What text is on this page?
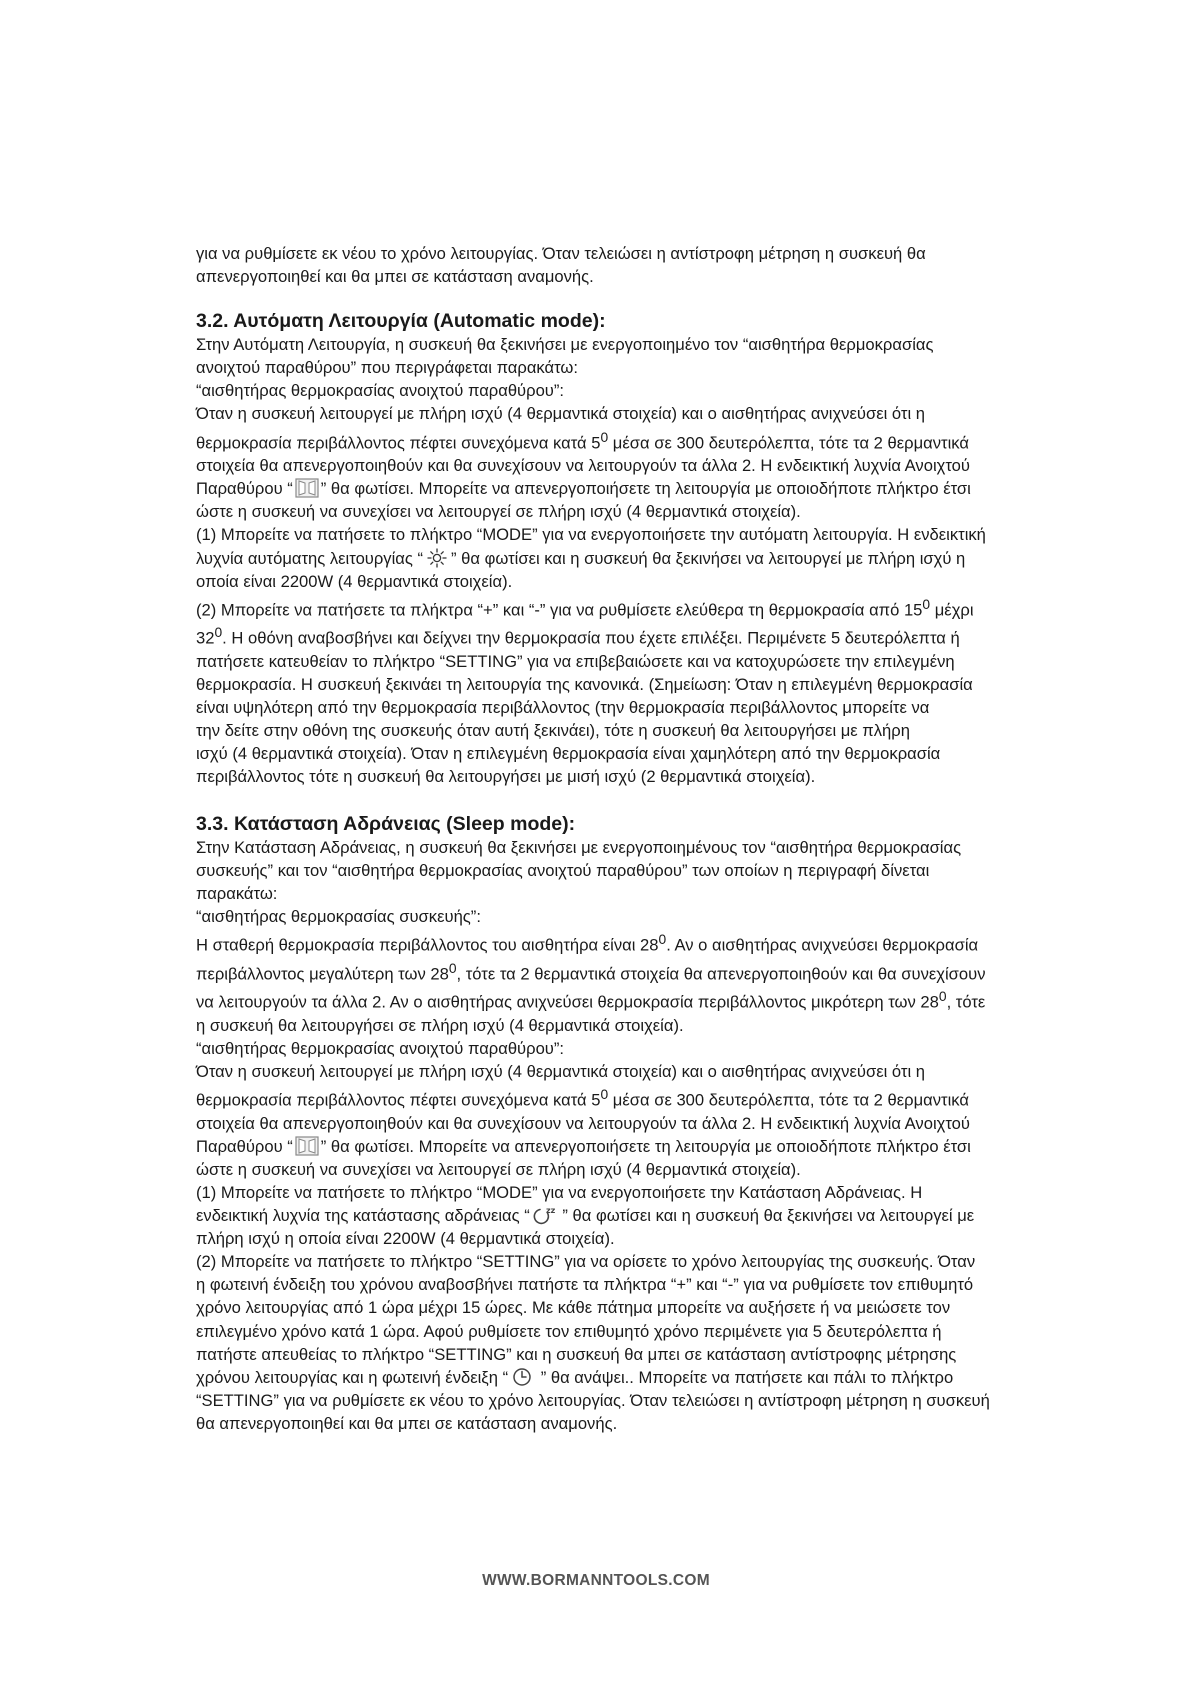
για να ρυθμίσετε εκ νέου το χρόνο λειτουργίας. Όταν τελειώσει η αντίστροφη μέτρηση η συσκευή θα

απενεργοποιηθεί και θα μπει σε κατάσταση αναμονής.

3.2. Αυτόματη Λειτουργία (Automatic mode):

Στην Αυτόματη Λειτουργία, η συσκευή θα ξεκινήσει με ενεργοποιημένο τον “αισθητήρα θερμοκρασίας

ανοιχτού παραθύρου” που περιγράφεται παρακάτω:

“αισθητήρας θερμοκρασίας ανοιχτού παραθύρου”:

Όταν η συσκευή λειτουργεί με πλήρη ισχύ (4 θερμαντικά στοιχεία) και ο αισθητήρας ανιχνεύσει ότι η

θερμοκρασία περιβάλλοντος πέφτει συνεχόμενα κατά $5^0$ μέσα σε 300 δευτερόλεπτα, τότε τα 2 θερμαντικά

στοιχεία θα απενεργοποιηθούν και θα συνεχίσουν να λειτουργούν τα άλλα 2. Η ενδεικτική λυχνία Ανοιχτού

Παραθύρου “ ” θα φωτίσει. Μπορείτε να απενεργοποιήσετε τη λειτουργία με οποιοδήποτε πλήκτρο έτσι

ώστε η συσκευή να συνεχίσει να λειτουργεί σε πλήρη ισχύ (4 θερμαντικά στοιχεία).

(1) Μπορείτε να πατήσετε το πλήκτρο “MODE” για να ενεργοποιήσετε την αυτόματη λειτουργία. Η ενδεικτική

λυχνία αυτόματης λειτουργίας “ ” θα φωτίσει και η συσκευή θα ξεκινήσει να λειτουργεί με πλήρη ισχύ η

οποία είναι 2200W (4 θερμαντικά στοιχεία).

(2) Μπορείτε να πατήσετε τα πλήκτρα “+” και “-” για να ρυθμίσετε ελεύθερα τη θερμοκρασία από $15^0$ μέχρι

$32^0$. Η οθόνη αναβοσβήνει και δείχνει την θερμοκρασία που έχετε επιλέξει. Περιμένετε 5 δευτερόλεπτα ή

πατήσετε κατευθείαν το πλήκτρο “SETTING” για να επιβεβαιώσετε και να κατοχυρώσετε την επιλεγμένη

θερμοκρασία. Η συσκευή ξεκινάει τη λειτουργία της κανονικά. (Σημείωση: Όταν η επιλεγμένη θερμοκρασία

είναι υψηλότερη από την θερμοκρασία περιβάλλοντος (την θερμοκρασία περιβάλλοντος μπορείτε να

την δείτε στην οθόνη της συσκευής όταν αυτή ξεκινάει), τότε η συσκευή θα λειτουργήσει με πλήρη

ισχύ (4 θερμαντικά στοιχεία). Όταν η επιλεγμένη θερμοκρασία είναι χαμηλότερη από την θερμοκρασία

περιβάλλοντος τότε η συσκευή θα λειτουργήσει με μισή ισχύ (2 θερμαντικά στοιχεία).

3.3. Κατάσταση Αδράνειας (Sleep mode):

Στην Κατάσταση Αδράνειας, η συσκευή θα ξεκινήσει με ενεργοποιημένους τον “αισθητήρα θερμοκρασίας

συσκευής” και τον “αισθητήρα θερμοκρασίας ανοιχτού παραθύρου” των οποίων η περιγραφή δίνεται

παρακάτω:

“αισθητήρας θερμοκρασίας συσκευής”:

Η σταθερή θερμοκρασία περιβάλλοντος του αισθητήρα είναι $28^0$. Αν ο αισθητήρας ανιχνεύσει θερμοκρασία

περιβάλλοντος μεγαλύτερη των $28^0$, τότε τα 2 θερμαντικά στοιχεία θα απενεργοποιηθούν και θα συνεχίσουν

να λειτουργούν τα άλλα 2. Αν ο αισθητήρας ανιχνεύσει θερμοκρασία περιβάλλοντος μικρότερη των $28^0$, τότε

η συσκευή θα λειτουργήσει σε πλήρη ισχύ (4 θερμαντικά στοιχεία).

“αισθητήρας θερμοκρασίας ανοιχτού παραθύρου”:

Όταν η συσκευή λειτουργεί με πλήρη ισχύ (4 θερμαντικά στοιχεία) και ο αισθητήρας ανιχνεύσει ότι η

θερμοκρασία περιβάλλοντος πέφτει συνεχόμενα κατά $5^0$ μέσα σε 300 δευτερόλεπτα, τότε τα 2 θερμαντικά

στοιχεία θα απενεργοποιηθούν και θα συνεχίσουν να λειτουργούν τα άλλα 2. Η ενδεικτική λυχνία Ανοιχτού

Παραθύρου “ ” θα φωτίσει. Μπορείτε να απενεργοποιήσετε τη λειτουργία με οποιοδήποτε πλήκτρο έτσι

ώστε η συσκευή να συνεχίσει να λειτουργεί σε πλήρη ισχύ (4 θερμαντικά στοιχεία).

(1) Μπορείτε να πατήσετε το πλήκτρο “MODE” για να ενεργοποιήσετε την Κατάσταση Αδράνειας. Η

ενδεικτική λυχνία της κατάστασης αδράνειας “ zz ” θα φωτίσει και η συσκευή θα ξεκινήσει να λειτουργεί με

πλήρη ισχύ η οποία είναι 2200W (4 θερμαντικά στοιχεία).

(2) Μπορείτε να πατήσετε το πλήκτρο “SETTING” για να ορίσετε το χρόνο λειτουργίας της συσκευής. Όταν

η φωτεινή ένδειξη του χρόνου αναβοσβήνει πατήστε τα πλήκτρα “+” και “-” για να ρυθμίσετε τον επιθυμητό

χρόνο λειτουργίας από 1 ώρα μέχρι 15 ώρες. Με κάθε πάτημα μπορείτε να αυξήσετε ή να μειώσετε τον

επιλεγμένο χρόνο κατά 1 ώρα. Αφού ρυθμίσετε τον επιθυμητό χρόνο περιμένετε για 5 δευτερόλεπτα ή

πατήστε απευθείας το πλήκτρο “SETTING” και η συσκευή θα μπει σε κατάσταση αντίστροφης μέτρησης

χρόνου λειτουργίας και η φωτεινή ένδειξη “
” θα ανάψει.. Μπορείτε να πατήσετε και πάλι το πλήκτρο

“SETTING” για να ρυθμίσετε εκ νέου το χρόνο λειτουργίας. Όταν τελειώσει η αντίστροφη μέτρηση η συσκευή

θα απενεργοποιηθεί και θα μπει σε κατάσταση αναμονής.

WWW.BORMANNTOOLS.COM
